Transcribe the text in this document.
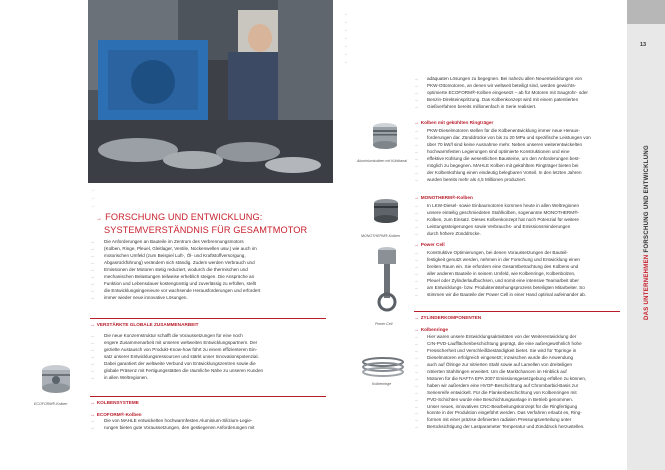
→
→
→
→ FORSCHUNG UND ENTWICKLUNG:
SYSTEMVERSTÄNDNIS FÜR GESAMTMOTOR
→
→
→
→
→
→
→
→
→

Die Anforderungen an Bauteile im Zentrum des Verbrennungsmotors

(Kolben, Ringe, Pleuel, Gleitlager, Ventile, Nockenwellen usw.) wie auch im

motorischen Umfeld (zum Beispiel Luft-, Öl- und Kraftstoffversorgung,

Abgasrückführung) verändern sich ständig. Zudem werden Verbrauch und

Emissionen der Motoren stetig reduziert, wodurch die thermischen und

mechanischen Belastungen teilweise erheblich steigen. Die Ansprüche an

Funktion und Lebensdauer kostengünstig und zuverlässig zu erfüllen, stellt

die Entwicklungsingenieure vor wachsende Herausforderungen und erfordert

immer wieder neue innovative Lösungen.

→ VERSTÄRKTE GLOBALE ZUSAMMENARBEIT
→
→
→
→
→
→
→

Die neue Konzernstruktur schafft die Voraussetzungen für eine noch

engere Zusammenarbeit mit unseren weltweiten Entwicklungspartnern. Der

gezielte Austausch von Produkt-Know-how führt zu einem effizienteren Ein-

satz unserer Entwicklungsressourcen und stärkt unser Innovationspotenzial.

Dabei garantiert der weltweite Verbund von Entwicklungszentren sowie die

globale Präsenz mit Fertigungsstätten die räumliche Nähe zu unseren Kunden

in allen Weltregionen.

ECOFORM®-Kolben	→ KOLBENSYSTEME
→ ECOFORM®-Kolben
→
→

Die von MAHLE entwickelten hochwarmfesten Aluminium-Silizium-Legie-

rungen bieten gute Voraussetzungen, den gestiegenen Anforderungen mit

→
→
→
→
→
→
→
→
→
→
→
→

adäquaten Lösungen zu begegnen. Bei nahezu allen Neuentwicklungen von

PKW-Ottomotoren, an denen wir weltweit beteiligt sind, werden gewichts-

optimierte ECOFORM®-Kolben eingesetzt – ab für Motoren mit Saugrohr- oder

Benzin-Direkteinspritzung. Das Kolbenkonzept wird mit einem patentierten

Gießverfahren bereits millionenfach in Serie realisiert.

→ Kolben mit gekühlten Ringträger
→
→
→
→
→
→
→
→

PKW-Dieselmotoren stellen für die Kolbenentwicklung immer neue Heraus-

forderungen dar. Zünddrücke von bis zu 20 MPa und spezifische Leistungen von

über 70 kW/l sind keine Ausnahme mehr. Neben unseren weiterentwickelten

hochwarmfesten Legierungen sind optimierte Konstruktionen und eine

effektive Kühlung die wesentlichen Bausteine, um den Anforderungen best-

möglich zu begegnen. MAHLE Kolben mit gekühltem Ringträger bieten bei

der Kolbenkühlung einen eindeutig belegbaren Vorteil. In den letzten Jahren

wurden bereits mehr als 4,5 Millionen produziert.

Aluminiumkolben mit Kühlkanal
→ MONOTHERM®-Kolben
→
→
→
→
→

In LKW-Diesel- sowie Einbaumotoren kommen heute in allen Weltregionen

unsere einteilig geschmiedeten Stahlkolben, sogenannte MONOTHERM®-

Kolben, zum Einsatz. Dieses Kolbenkonzept hat noch Potenzial für weitere

Leistungssteigerungen sowie Verbrauchs- und Emissionsminderungen

durch höhere Zünddrücke.

MONOTHERM®-Kolben
→ Power Cell
→
→
→
→
→
→
→

Konstruktive Optimierungen, bei denen Voraussetzungen der Bauteil-

festigkeit genutzt werden, nehmen in der Forschung und Entwicklung einen

breiten Raum ein. Sie erfordern eine Gesamtbetrachtung des Kolbens und

aller anderen Bauteile in seinem Umfeld, wie Kolbenringe, Kolbenbolzen,

Pleuel oder Zylinderlaufbuchsen, und somit eine intensive Teamarbeit über

am Entwicklungs- bzw. Produktentstehungsprozess beteiligten Mitarbeiter. So

stimmen wir die Bauteile der Power Cell in einer Hand optimal aufeinander ab.

Power Cell
→ ZYLINDERKOMPONENTEN
→ Kolbenringe
→
→
→
→
→
→
→
→
→
→
→
→
→
→

Hier waren unsere Entwicklungsaktivitäten von der Weiterentwicklung der

CrN-PVD-Laufflächenbeschichtung geprägt, die eine außergewöhnlich hohe

Fressicherheit und Verschleißbeständigkeit bietet. Sie wird für Topringe in

Dieselmotoren erfolgreich eingesetzt; inzwischen wurde die Anwendung

auch auf Ölringe zur nitrierten Stahl sowie auf Lamellen von dreiteiligen

nitrierten Stahlringen erweitert. Um die Marktchancen im Hinblick auf

Motoren für die NAFTA EPA 2007 Emissionsgesetzgebung erfüllen zu können,

haben wir außerdem eine HVOF-Beschichtung auf Chrombarbid-Basis zur

Serienreife entwickelt. Für die Flankenbeschichtung von Kolbenringen mit

PVD-Schichten wurde eine Beschichtungsanlage in Betrieb genommen.

Unser neues, innovatives CNC-Bearbeitungskonzept für die Ringfertigung

konnte in der Produktion eingeführt werden. Das Verfahren erlaubt es, Ring-

formen mit einer präzise definierten radialen Pressungsverteilung unter

Berücksichtigung der Lastparameter Temperatur und Zünddruck herzustellen.

Kolbenringe
13
DAS UNTERNEHMEN FORSCHUNG UND ENTWICKLUNG
